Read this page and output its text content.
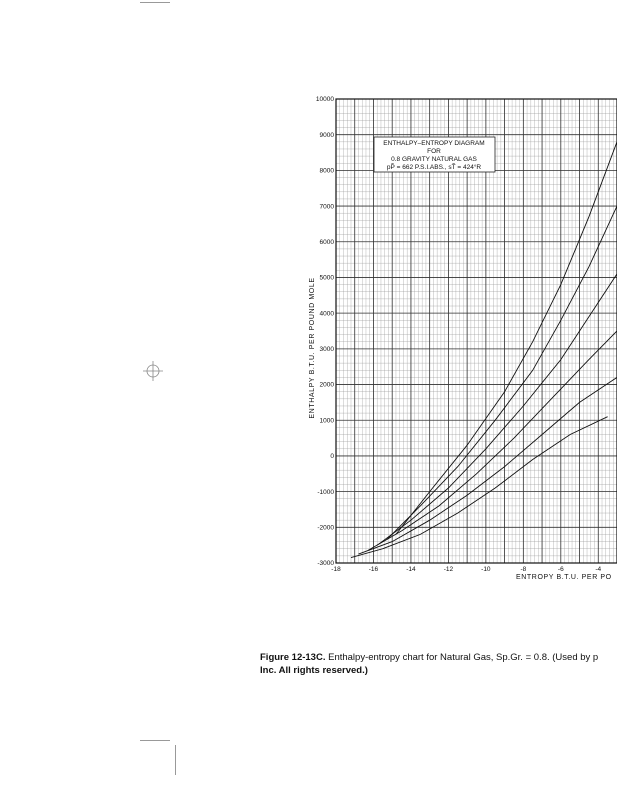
-3000
-2000
-1000
0
1000
2000
3000
4000
5000
6000
7000
8000
9000
10000
-18	-16	-14	-12	-10	-8	-6	-4
ENTHALPY–ENTROPY DIAGRAM
FOR
0.8 GRAVITY NATURAL GAS
pP͂ = 662 P.S.I.ABS., sT͂ = 424°R
ENTHALPY B.T.U. PER POUND MOLE
ENTROPY B.T.U. PER PO
Figure 12-13C. Enthalpy-entropy chart for Natural Gas, Sp.Gr. = 0.8. (Used by p
Inc. All rights reserved.)
